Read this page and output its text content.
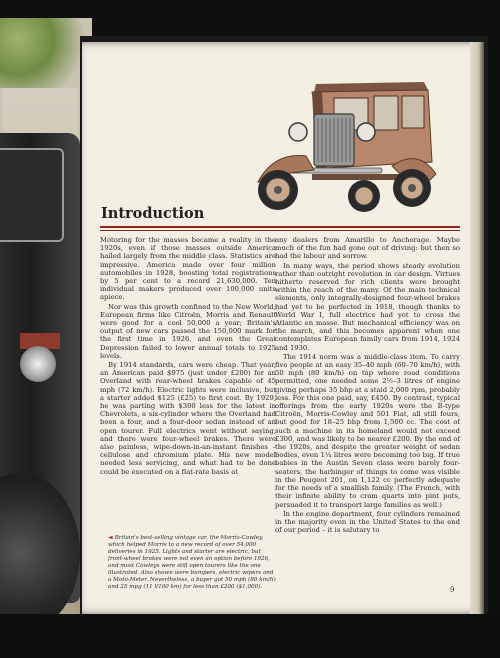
Introduction

Motoring for the masses became a reality in the 1920s, even if those masses outside America hailed largely from the middle class. Statistics are impressive. America made over four million automobiles in 1928, boosting total registrations by 5 per cent to a record 21,630,000. Ten individual makers produced over 100,000 units apiece.

Nor was this growth confined to the New World; European firms like Citroën, Morris and Renault were good for a cool 50,000 a year; Britain's output of new cars passed the 150,000 mark for the first time in 1926, and even the Great Depression failed to lower annual totals to 1925 levels.

By 1914 standards, cars were cheap. That year, an American paid $975 (just under £200) for an Overland with rear-wheel brakes capable of 45 mph (72 km/h). Electric lights were inclusive, but a starter added $125 (£25) to first cost. By 1929, he was parting with $300 less for the latest in Chevrolets, a six-cylinder where the Overland had been a four, and a four-door sedan instead of an open tourer. Full electrics went without saying, and there were four-wheel brakes. There were also painless, wipe-down-in-an-instant finishes – cellulose and chromium plate. His new model needed less servicing, and what had to be done could be executed on a flat-rate basis at

any dealers from Amarillo to Anchorage. Maybe much of the fun had gone out of driving: but then so had the labour and sorrow.

In many ways, the period shows steady evolution rather than outright revolution in car design. Virtues hitherto reserved for rich clients were brought within the reach of the many. Of the main technical elements, only integrally-designed four-wheel brakes had yet to be perfected in 1918, though thanks to World War I, full electrics had yet to cross the Atlantic en masse. But mechanical efficiency was on the march, and this becomes apparent when one contemplates European family cars from 1914, 1924 and 1930.

The 1914 norm was a middle-class item. To carry five people at an easy 35–40 mph (60–70 km/h), with 50 mph (80 km/h) on tap where road conditions permitted, one needed some 2½–3 litres of engine giving perhaps 35 bhp at a staid 2,000 rpm, probably less. For this one paid, say, £450. By contrast, typical offerings from the early 1920s were the B-type Citroën, Morris-Cowley and 501 Fiat, all still fours, but good for 18–25 bhp from 1,500 cc. The cost of such a machine in its homeland would not exceed £300, and was likely to be nearer £200. By the end of the 1920s, and despite the greater weight of sedan bodies, even 1¼ litres were becoming too big. If true babies in the Austin Seven class were barely four-seaters, the harbinger of things to come was visible in the Peugeot 201, on 1,122 cc perfectly adequate for the needs of a smallish family. (The French, with their infinite ability to cram quarts into pint pots, persuaded it to transport large families as well.)

In the engine department, four cylinders remained in the majority even in the United States to the end of our period – it is salutary to

◄ Britain's best-selling vintage car, the Morris-Cowley, which helped Morris to a new record of over 54,000 deliveries in 1925. Lights and starter are electric, but front-wheel brakes were not even an option before 1926, and most Cowleys were still open tourers like the one illustrated. Also shown were bumpers, electric wipers and a Moto-Meter. Nevertheless, a buyer got 50 mph (80 km/h) and 25 mpg (11 l/100 km) for less than £200 ($1,000).	9
